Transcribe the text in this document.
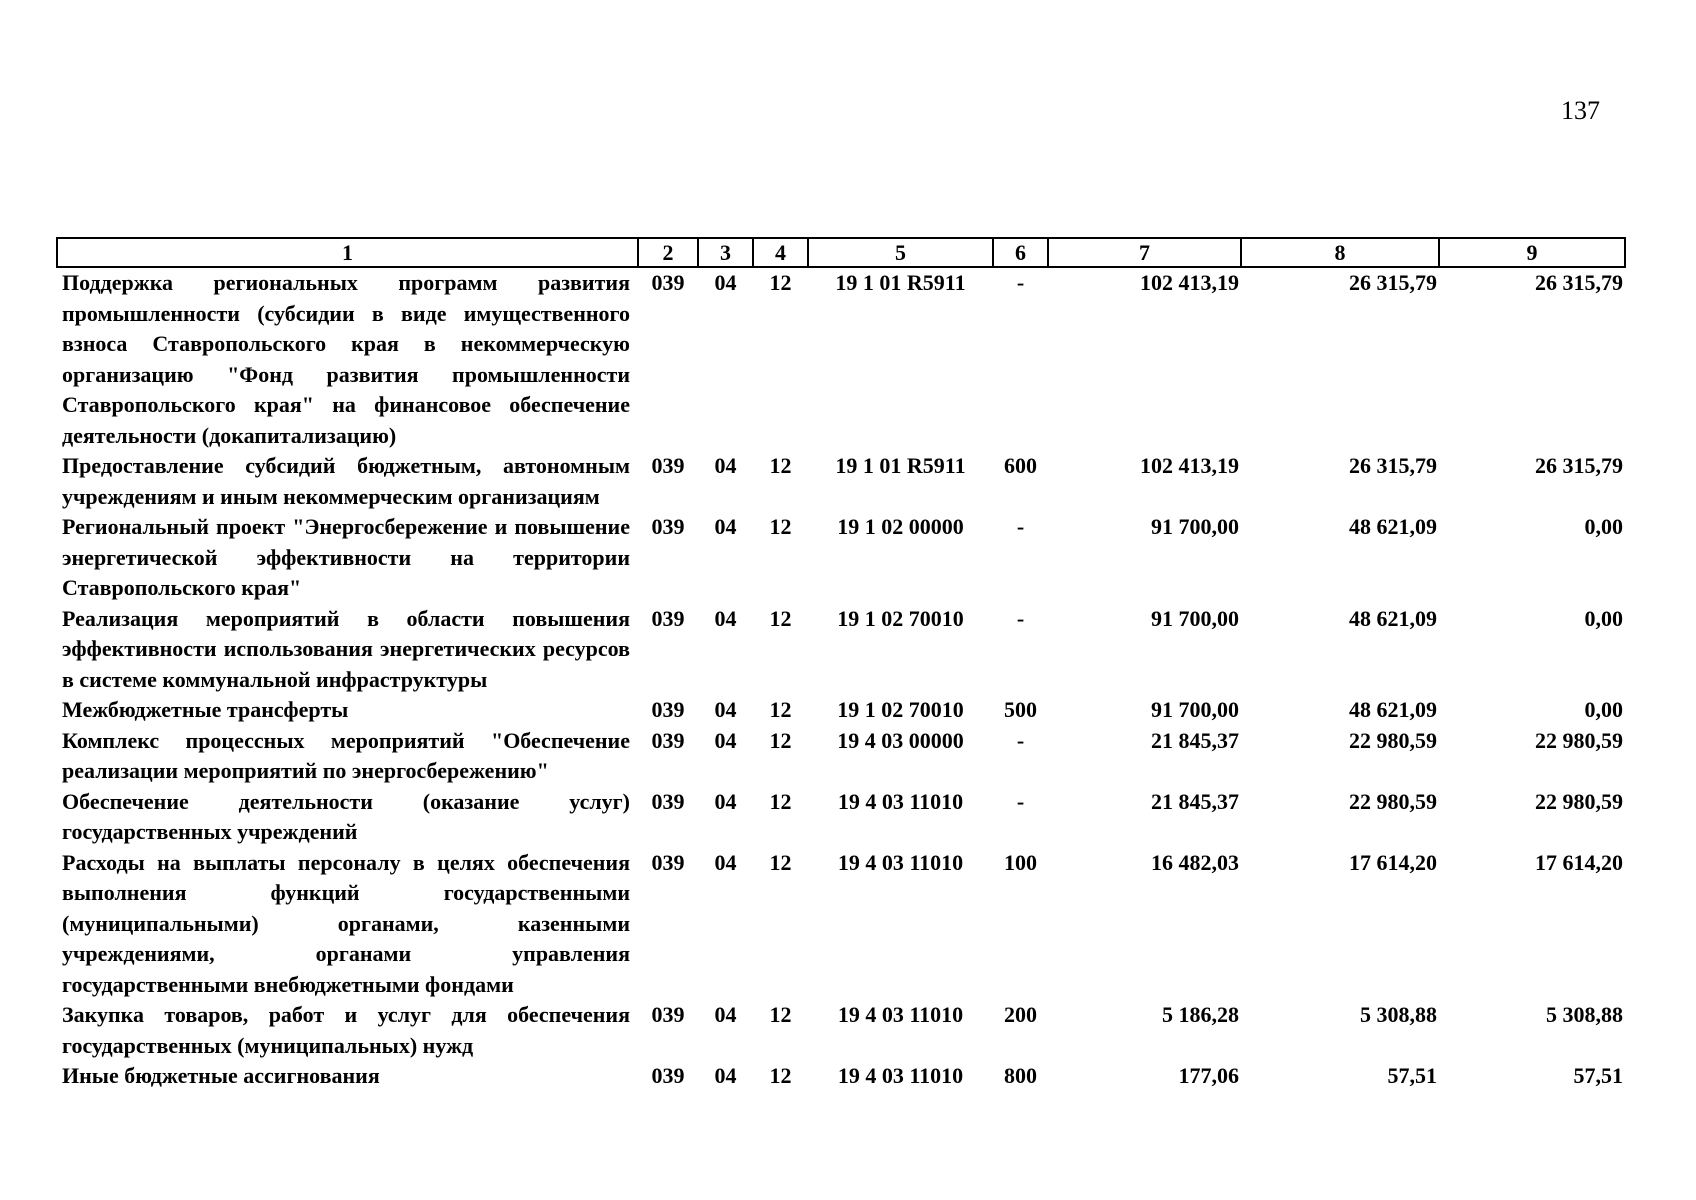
137
1	2	3	4	5	6	7	8	9
Поддержка региональных программ развития промышленности (субсидии в виде имущественного взноса Ставропольского края в некоммерческую организацию "Фонд развития промышленности Ставропольского края" на финансовое обеспечение деятельности (докапитализацию)	039	04	12	19 1 01 R5911	-	102 413,19	26 315,79	26 315,79
Предоставление субсидий бюджетным, автономным учреждениям и иным некоммерческим организациям	039	04	12	19 1 01 R5911	600	102 413,19	26 315,79	26 315,79
Региональный проект "Энергосбережение и повышение энергетической эффективности на территории Ставропольского края"	039	04	12	19 1 02 00000	-	91 700,00	48 621,09	0,00
Реализация мероприятий в области повышения эффективности использования энергетических ресурсов в системе коммунальной инфраструктуры	039	04	12	19 1 02 70010	-	91 700,00	48 621,09	0,00
Межбюджетные трансферты	039	04	12	19 1 02 70010	500	91 700,00	48 621,09	0,00
Комплекс процессных мероприятий "Обеспечение реализации мероприятий по энергосбережению"	039	04	12	19 4 03 00000	-	21 845,37	22 980,59	22 980,59
Обеспечение деятельности (оказание услуг) государственных учреждений	039	04	12	19 4 03 11010	-	21 845,37	22 980,59	22 980,59
Расходы на выплаты персоналу в целях обеспечения выполнения функций государственными (муниципальными) органами, казенными учреждениями, органами управления государственными внебюджетными фондами	039	04	12	19 4 03 11010	100	16 482,03	17 614,20	17 614,20
Закупка товаров, работ и услуг для обеспечения государственных (муниципальных) нужд	039	04	12	19 4 03 11010	200	5 186,28	5 308,88	5 308,88
Иные бюджетные ассигнования	039	04	12	19 4 03 11010	800	177,06	57,51	57,51
